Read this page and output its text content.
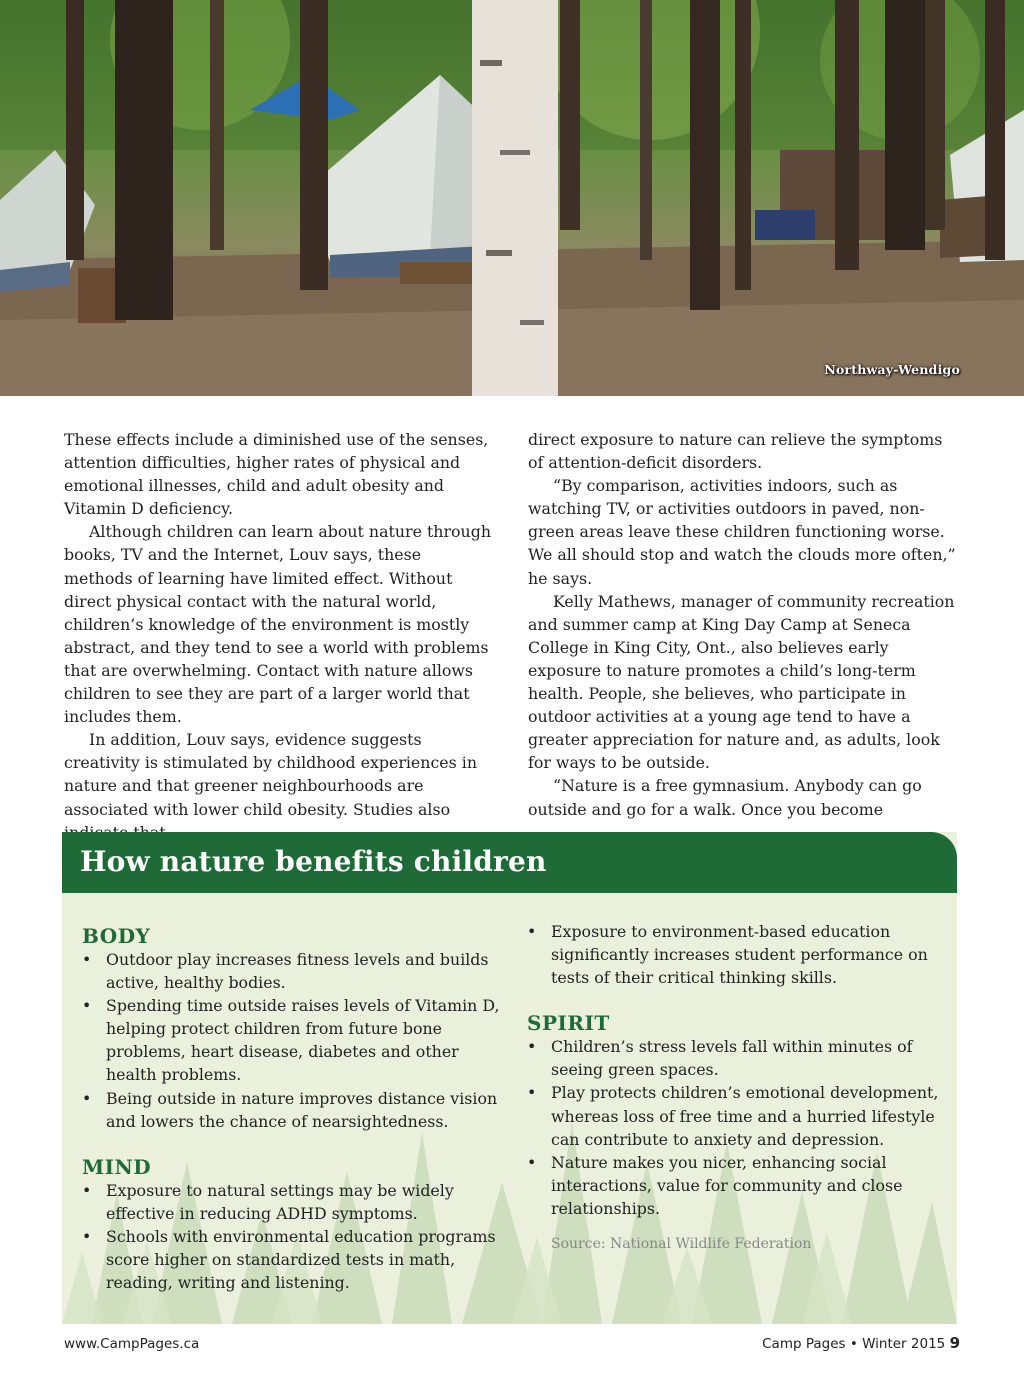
Northway-Wendigo

These effects include a diminished use of the senses, attention difficulties, higher rates of physical and emotional illnesses, child and adult obesity and Vitamin D deficiency.

Although children can learn about nature through books, TV and the Internet, Louv says, these methods of learning have limited effect. Without direct physical contact with the natural world, children’s knowledge of the environment is mostly abstract, and they tend to see a world with problems that are overwhelming. Contact with nature allows children to see they are part of a larger world that includes them.

In addition, Louv says, evidence suggests creativity is stimulated by childhood experiences in nature and that greener neighbourhoods are associated with lower child obesity. Studies also

direct exposure to nature can relieve the symptoms of attention-deficit disorders.

“By comparison, activities indoors, such as watching TV, or activities outdoors in paved, non-green areas leave these children functioning worse. We all should stop and watch the clouds more often,” he says.

Kelly Mathews, manager of community recreation and summer camp at King Day Camp at Seneca College in King City, Ont., also believes early exposure to nature promotes a child’s long-term health. People, she believes, who participate in outdoor activities at a young age tend to have a greater appreciation for nature and, as adults, look for ways to be outside.

“Nature is a free gymnasium. Anybody can go outside and go for a walk. Once you become

How nature benefits children
BODY
• Outdoor play increases fitness levels and builds active, healthy bodies.
• Spending time outside raises levels of Vitamin D, helping protect children from future bone problems, heart disease, diabetes and other health problems.
• Being outside in nature improves distance vision and lowers the chance of nearsightedness.
MIND
• Exposure to natural settings may be widely effective in reducing ADHD symptoms.
• Schools with environmental education programs score higher on standardized tests in math, reading, writing and listening.
• Exposure to environment-based education significantly increases student performance on tests of their critical thinking skills.
SPIRIT
• Children’s stress levels fall within minutes of seeing green spaces.
• Play protects children’s emotional development, whereas loss of free time and a hurried lifestyle can contribute to anxiety and depression.
• Nature makes you nicer, enhancing social interactions, value for community and close relationships.
Source: National Wildlife Federation
www.CampPages.ca	Camp Pages • Winter 2015 9
